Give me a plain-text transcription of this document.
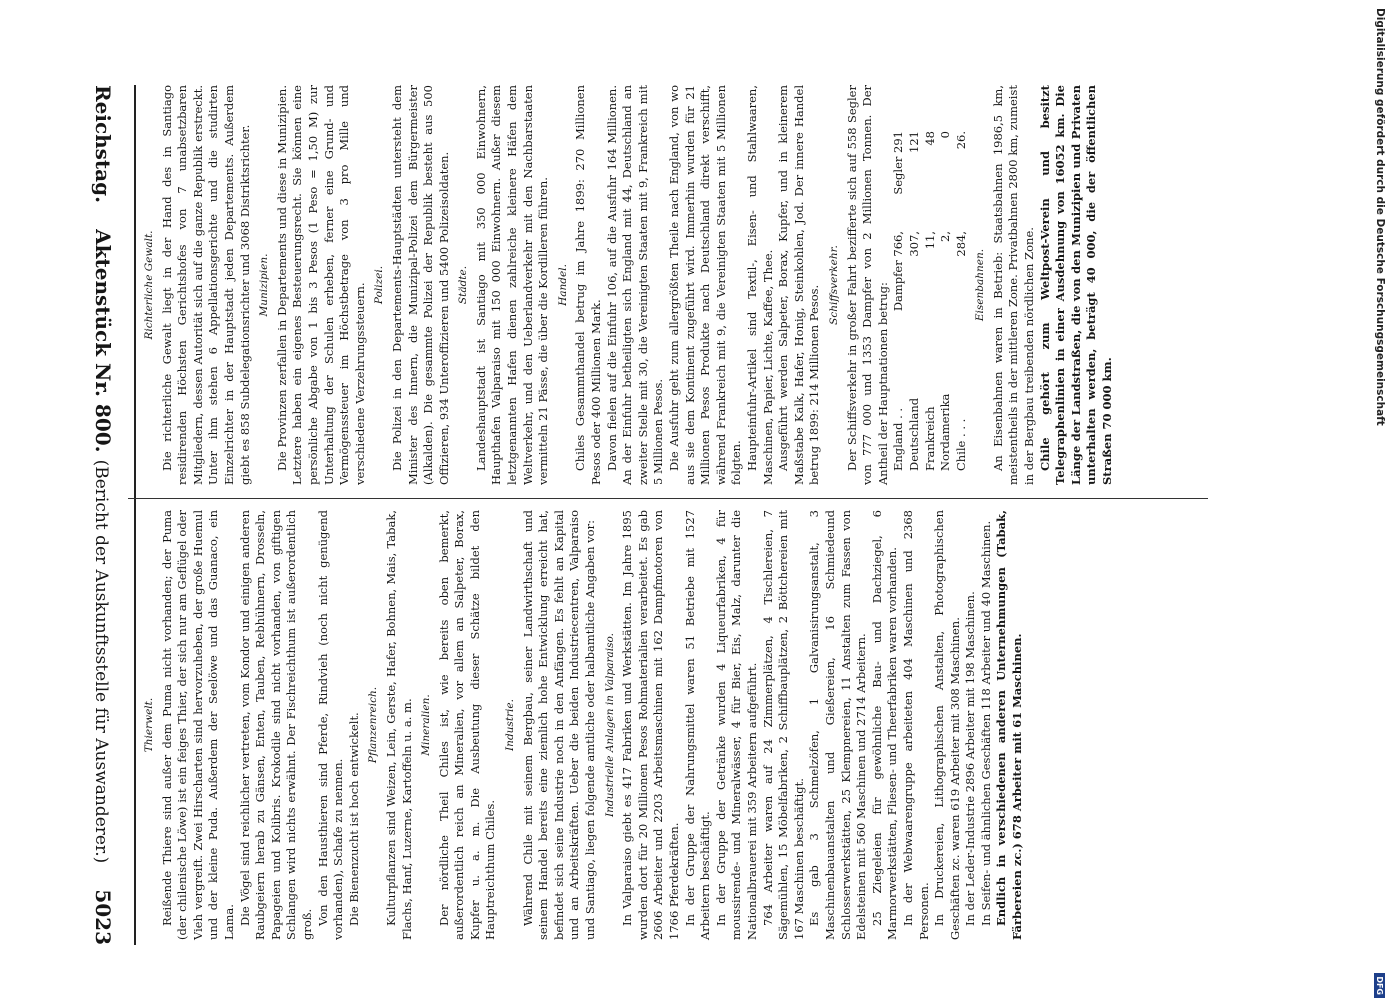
Reichstag.
Aktenstück Nr. 800. (Bericht der Auskunftsstelle für Auswanderer.)
5023
Richterliche Gewalt. Die richterliche Gewalt liegt in der Hand des in Santiago residirenden Höchsten Gerichtshofes von 7 unabsetzbaren Mitgliedern, dessen Autorität sich auf die ganze Republik erstreckt. Unter ihm stehen 6 Appellationsgerichte und die studirten Einzelrichter in der Hauptstadt jeden Departements. Außerdem giebt es 858 Subdelegationsrichter und 3068 Distriktsrichter. Munizipien. Die Provinzen zerfallen in Departements und diese in Munizipien. Letztere haben ein eigenes Besteuerungsrecht. Sie können eine persönliche Abgabe von 1 bis 3 Pesos (1 Peso = 1,50 M) zur Unterhaltung der Schulen erheben, ferner eine Grund- und Vermögenssteuer im Höchstbetrage von 3 pro Mille und verschiedene Verzehrungssteuern. Polizei. Die Polizei in den Departements-Hauptstädten untersteht dem Minister des Innern, die Munizipal-Polizei dem Bürgermeister (Alkalden). Die gesammte Polizei der Republik besteht aus 500 Offizieren, 934 Unteroffizieren und 5400 Polizeisoldaten. Städte. Landeshauptstadt ist Santiago mit 350 000 Einwohnern, Haupthafen Valparaiso mit 150 000 Einwohnern. Außer diesem letztgenannten Hafen dienen zahlreiche kleinere Häfen dem Weltverkehr, und den Ueberlandverkehr mit den Nachbarstaaten vermitteln 21 Pässe, die über die Kordilleren führen. Handel. Chiles Gesammthandel betrug im Jahre 1899: 270 Millionen Pesos oder 400 Millionen Mark. Davon fielen auf die Einfuhr 106, auf die Ausfuhr 164 Millionen. An der Einfuhr betheiligten sich England mit 44, Deutschland an zweiter Stelle mit 30, die Vereinigten Staaten mit 9, Frankreich mit 5 Millionen Pesos. Die Ausfuhr geht zum allergrößten Theile nach England, von wo aus sie dem Kontinent zugeführt wird. Immerhin wurden für 21 Millionen Pesos Produkte nach Deutschland direkt verschifft, während Frankreich mit 9, die Vereinigten Staaten mit 5 Millionen folgten. Haupteinfuhr-Artikel sind Textil-, Eisen- und Stahlwaaren, Maschinen, Papier, Lichte, Kaffee, Thee. Ausgeführt werden Salpeter, Borax, Kupfer, und in kleinerem Maßstabe Kalk, Hafer, Honig, Steinkohlen, Jod. Der innere Handel betrug 1899: 214 Millionen Pesos. Schiffsverkehr. Der Schiffsverkehr in großer Fahrt bezifferte sich auf 558 Segler von 777 000 und 1353 Dampfer von 2 Millionen Tonnen. Der Antheil der Hauptnationen betrug: England . .
Dampfer 766,
Segler 291
Deutschland
307,
121
Frankreich
11,
48
Nordamerika
2,
0
Chile . . .
284,
26.
Eisenbahnen. An Eisenbahnen waren in Betrieb: Staatsbahnen 1986,5 km, meistentheils in der mittleren Zone. Privatbahnen 2800 km, zumeist in der Bergbau treibenden nördlichen Zone. Chile gehört zum Weltpost-Verein und besitzt Telegraphenlinien in einer Ausdehnung von 16052 km. Die Länge der Landstraßen, die von den Munizipien und Privaten unterhalten werden, beträgt 40 000, die der öffentlichen Straßen 70 000 km.

Thierwelt. Reißende Thiere sind außer dem Puma nicht vorhanden; der Puma (der chilenische Löwe) ist ein feiges Thier, der sich nur am Geflügel oder Vieh vergreift. Zwei Hirscharten sind hervorzuheben, der große Huemul und der kleine Puda. Außerdem der Seelöwe und das Guanaco, ein Lama. Die Vögel sind reichlicher vertreten, vom Kondor und einigen anderen Raubgeiern herab zu Gänsen, Enten, Tauben, Rebhühnern, Drosseln, Papageien und Kolibris. Krokodile sind nicht vorhanden, von giftigen Schlangen wird nichts erwähnt. Der Fischreichthum ist außerordentlich groß. Von den Hausthieren sind Pferde, Rindvieh (noch nicht genügend vorhanden), Schafe zu nennen. Die Bienenzucht ist hoch entwickelt. Pflanzenreich. Kulturpflanzen sind Weizen, Lein, Gerste, Hafer, Bohnen, Mais, Tabak, Flachs, Hanf, Luzerne, Kartoffeln u. a. m. Mineralien. Der nördliche Theil Chiles ist, wie bereits oben bemerkt, außerordentlich reich an Mineralien, vor allem an Salpeter, Borax, Kupfer u. a. m. Die Ausbeutung dieser Schätze bildet den Hauptreichthum Chiles.

Industrie. Während Chile mit seinem Bergbau, seiner Landwirthschaft und seinem Handel bereits eine ziemlich hohe Entwicklung erreicht hat, befindet sich seine Industrie noch in den Anfängen. Es fehlt an Kapital und an Arbeitskräften. Ueber die beiden Industriecentren, Valparaiso und Santiago, liegen folgende amtliche oder halbamtliche Angaben vor: Industrielle Anlagen in Valparaiso. In Valparaiso giebt es 417 Fabriken und Werkstätten. Im Jahre 1895 wurden dort für 20 Millionen Pesos Rohmaterialien verarbeitet. Es gab 2606 Arbeiter und 2203 Arbeitsmaschinen mit 162 Dampfmotoren von 1766 Pferdekräften. In der Gruppe der Nahrungsmittel waren 51 Betriebe mit 1527 Arbeitern beschäftigt. In der Gruppe der Getränke wurden 4 Liqueurfabriken, 4 für moussirende- und Mineralwässer, 4 für Bier, Eis, Malz, darunter die Nationalbrauerei mit 359 Arbeitern aufgeführt. 764 Arbeiter waren auf 24 Zimmerplätzen, 4 Tischlereien, 7 Sägemühlen, 15 Möbelfabriken, 2 Schiffbauplätzen, 2 Böttchereien mit 167 Maschinen beschäftigt. Es gab 3 Schmelzöfen, 1 Galvanisirungsanstalt, 3 Maschinenbauanstalten und Gießereien, 16 Schmiedeund Schlosserwerkstätten, 25 Klempnereien, 11 Anstalten zum Fassen von Edelsteinen mit 560 Maschinen und 2714 Arbeitern. 25 Ziegeleien für gewöhnliche Bau- und Dachziegel, 6 Marmorwerkstätten, Fliesen- und Theerfabriken waren vorhanden. In der Webwaarengruppe arbeiteten 404 Maschinen und 2368 Personen. In Druckereien, Lithographischen Anstalten, Photographischen Geschäften zc. waren 619 Arbeiter mit 308 Maschinen. In der Leder-Industrie 2896 Arbeiter mit 198 Maschinen. In Seifen- und ähnlichen Geschäften 118 Arbeiter und 40 Maschinen. Endlich in verschiedenen anderen Unternehmungen (Tabak, Färbereien zc.) 678 Arbeiter mit 61 Maschinen.

Digitalisierung gefördert durch die Deutsche Forschungsgemeinschaft
DFG
